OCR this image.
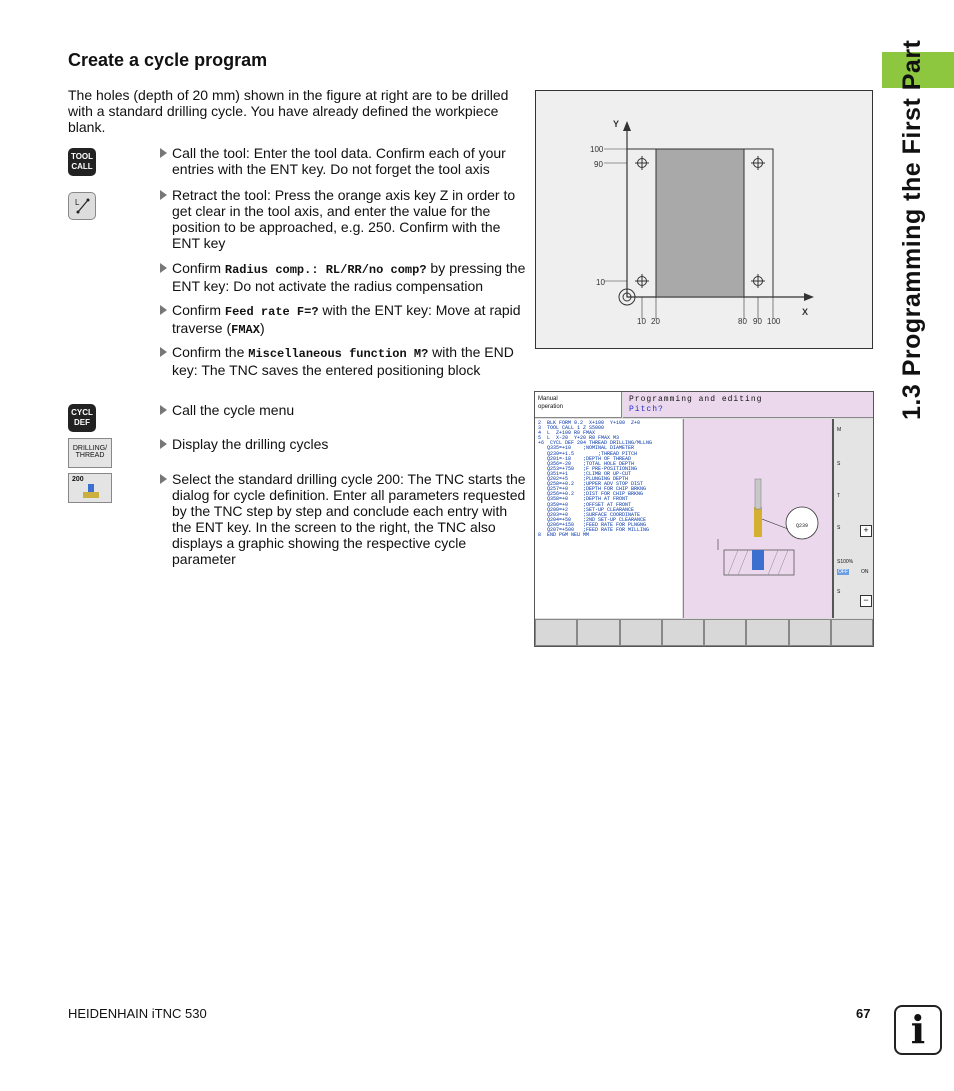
Create a cycle program
The holes (depth of 20 mm) shown in the figure at right are to be drilled with a standard drilling cycle. You have already defined the workpiece blank.
TOOL
CALL
L
CYCL
DEF
DRILLING/
THREAD
200
Call the tool: Enter the tool data. Confirm each of your entries with the ENT key. Do not forget the tool axis
Retract the tool: Press the orange axis key Z in order to get clear in the tool axis, and enter the value for the position to be approached, e.g. 250. Confirm with the ENT key
Confirm Radius comp.: RL/RR/no comp? by pressing the ENT key: Do not activate the radius compensation
Confirm Feed rate F=? with the ENT key: Move at rapid traverse (FMAX)
Confirm the Miscellaneous function M? with the END key: The TNC saves the entered positioning block
Call the cycle menu
Display the drilling cycles
Select the standard drilling cycle 200: The TNC starts the dialog for cycle definition. Enter all parameters requested by the TNC step by step and conclude each entry with the ENT key. In the screen to the right, the TNC also displays a graphic showing the respective cycle parameter
Y
X
100
90
10
10 20	80 90 100
Manual
operation
Programming and editing
Pitch?
2  BLK FORM 0.2  X+100  Y+100  Z+0
3  TOOL CALL 1 Z S5000
4  L  Z+100 R0 FMAX
5  L  X-20  Y+20 R0 FMAX M3
+6  CYCL DEF 204 THREAD DRILLING/MLLNG
Q335=+10    ;NOMINAL DIAMETER
Q239=+1.5        ;THREAD PITCH
Q201=-18    ;DEPTH OF THREAD
Q356=-20    ;TOTAL HOLE DEPTH
Q253=+750   ;F PRE-POSITIONING
Q351=+1     ;CLIMB OR UP-CUT
Q202=+5     ;PLUNGING DEPTH
Q258=+0.2   ;UPPER ADV STOP DIST
Q257=+0     ;DEPTH FOR CHIP BRKNG
Q256=+0.2   ;DIST FOR CHIP BRKNG
Q358=+0     ;DEPTH AT FRONT
Q359=+0     ;OFFSET AT FRONT
Q200=+2     ;SET-UP CLEARANCE
Q203=+0     ;SURFACE COORDINATE
Q204=+50    ;2ND SET-UP CLEARANCE
Q206=+150   ;FEED RATE FOR PLNGNG
Q207=+500   ;FEED RATE FOR MILLING
8  END PGM NEU MM
Q239
M
S
T
S
S100%
OFF	ON
S
+
−
1.3 Programming the First Part
HEIDENHAIN iTNC 530	67	i
